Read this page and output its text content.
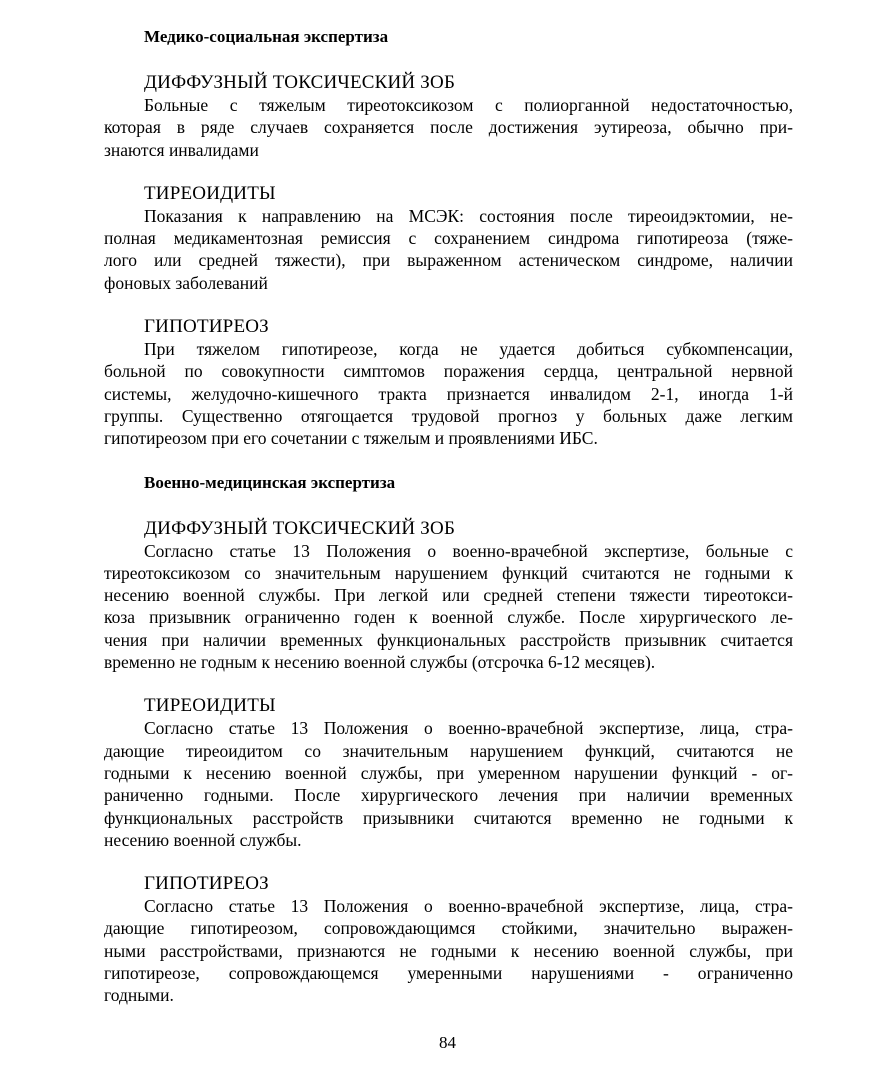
Медико-социальная экспертиза
ДИФФУЗНЫЙ ТОКСИЧЕСКИЙ ЗОБ

Больные с тяжелым тиреотоксикозом с полиорганной недостаточностью,
которая в ряде случаев сохраняется после достижения эутиреоза, обычно при-
знаются инвалидами

ТИРЕОИДИТЫ

Показания к направлению на МСЭК: состояния после тиреоидэктомии, не-
полная медикаментозная ремиссия с сохранением синдрома гипотиреоза (тяже-
лого или средней тяжести), при выраженном астеническом синдроме, наличии
фоновых заболеваний

ГИПОТИРЕОЗ

При тяжелом гипотиреозе, когда не удается добиться субкомпенсации,
больной по совокупности симптомов поражения сердца, центральной нервной
системы, желудочно-кишечного тракта признается инвалидом 2-1, иногда 1-й
группы. Существенно отягощается трудовой прогноз у больных даже легким
гипотиреозом при его сочетании с тяжелым и проявлениями ИБС.

Военно-медицинская экспертиза
ДИФФУЗНЫЙ ТОКСИЧЕСКИЙ ЗОБ

Согласно статье 13 Положения о военно-врачебной экспертизе, больные с
тиреотоксикозом со значительным нарушением функций считаются не годными к
несению военной службы. При легкой или средней степени тяжести тиреотокси-
коза призывник ограниченно годен к военной службе. После хирургического ле-
чения при наличии временных функциональных расстройств призывник считается
временно не годным к несению военной службы (отсрочка 6-12 месяцев).

ТИРЕОИДИТЫ

Согласно статье 13 Положения о военно-врачебной экспертизе, лица, стра-
дающие тиреоидитом со значительным нарушением функций, считаются не
годными к несению военной службы, при умеренном нарушении функций - ог-
раниченно годными. После хирургического лечения при наличии временных
функциональных расстройств призывники считаются временно не годными к
несению военной службы.

ГИПОТИРЕОЗ

Согласно статье 13 Положения о военно-врачебной экспертизе, лица, стра-
дающие гипотиреозом, сопровождающимся стойкими, значительно выражен-
ными расстройствами, признаются не годными к несению военной службы, при
гипотиреозе, сопровождающемся умеренными нарушениями - ограниченно
годными.

84
